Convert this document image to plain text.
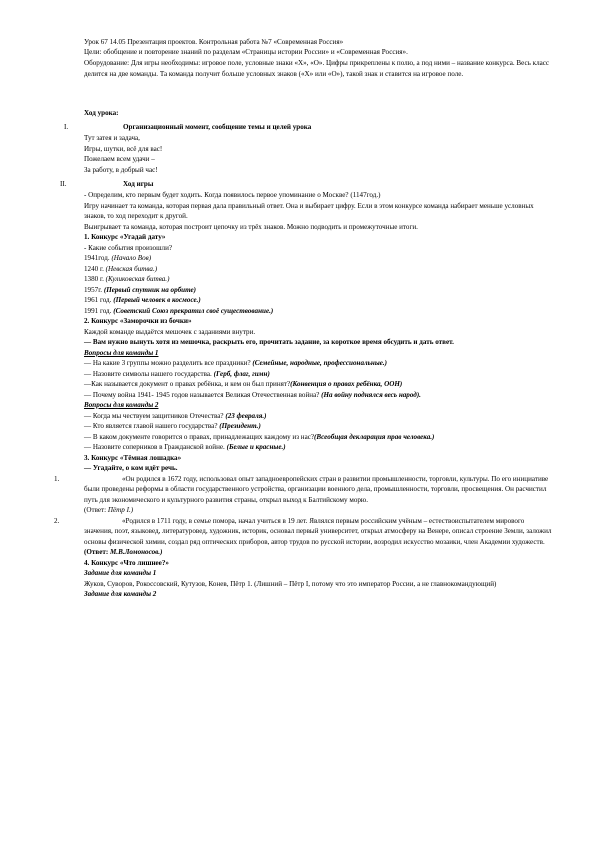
Урок 67 14.05 Презентация проектов. Контрольная работа №7 «Современная Россия»

Цели: обобщение и повторение знаний по разделам «Страницы истории России» и «Современная Россия».

Оборудование: Для игры необходимы: игровое поле, условные знаки «Х», «О». Цифры прикреплены к полю, а под ними – название конкурса. Весь класс делится на две команды. Та команда получит больше условных знаков («Х» или «О»), такой знак и ставится на игровое поле.

Ход урока:

I.	Организационный момент, сообщение темы и целей урока

Тут затея и задача,

Игры, шутки, всё для вас!

Пожелаем всем удачи –

За работу, в добрый час!

II.	Ход игры

- Определим, кто первым будет ходить. Когда появилось первое упоминание о Москве? (1147год.)

Игру начинает та команда, которая первая дала правильный ответ. Она и выбирает цифру. Если в этом конкурсе команда набирает меньше условных знаков, то ход переходит к другой.

Выигрывает та команда, которая построит цепочку из трёх знаков. Можно подводить и промежуточные итоги.

1. Конкурс «Угадай дату»

- Какие события произошли?

1941год. (Начало Вов)

1240 г. (Невская битва.)

1380 г. (Куликовская битва.)

1957г. (Первый спутник на орбите)

1961 год. (Первый человек в космосе.)

1991 год. (Советский Союз прекратил своё существование.)

2. Конкурс «Заморочки из бочки»

Каждой команде выдаётся мешочек с заданиями внутри.

— Вам нужно вынуть хотя из мешочка, раскрыть его, прочитать задание, за короткое время обсудить и дать ответ.

Вопросы для команды 1

— На какие 3 группы можно разделить все праздники? (Семейные, народные, профессиональные.)

— Назовите символы нашего государства. (Герб, флаг, гимн)

—Как называется документ о правах ребёнка, и кем он был принят?(Конвенция о правах ребёнка, ООН)

— Почему война 1941- 1945 годов называется Великая Отечественная война? (На войну поднялся весь народ).

Вопросы для команды 2

— Когда мы чествуем защитников Отечества? (23 февраля.)

— Кто является главой нашего государства? (Президент.)

— В каком документе говорится о правах, принадлежащих каждому из нас?(Всеобщая декларация прав человека.)

— Назовите соперников в Гражданской войне. (Белые и красные.)

3. Конкурс «Тёмная лошадка»

— Угадайте, о ком идёт речь.

1.	«Он родился в 1672 году, использовал опыт западноевропейских стран в развитии промышленности, торговли, культуры. По его инициативе были проведены реформы в области государственного устройства, организации военного дела, промышленности, торговли, просвещения. Он расчистил путь для экономического и культурного развития страны, открыл выход к Балтийскому морю.

(Ответ: Пётр I.)

2.	«Родился в 1711 году, в семье помора, начал учиться в 19 лет. Являлся первым российским учёным – естествоиспытателем мирового значения, поэт, языковед, литературовед, художник, историк, основал первый университет, открыл атмосферу на Венере, описал строение Земли, заложил основы физической химии, создал ряд оптических приборов, автор трудов по русской истории, возродил искусство мозаики, член Академии художеств.

(Ответ: М.В.Ломоносов.)

4. Конкурс «Что лишнее?»

Задание для команды 1

Жуков, Суворов, Рокоссовский, Кутузов, Конев, Пётр 1. (Лишний – Пётр I, потому что это император России, а не главнокомандующий)

Задание для команды 2
